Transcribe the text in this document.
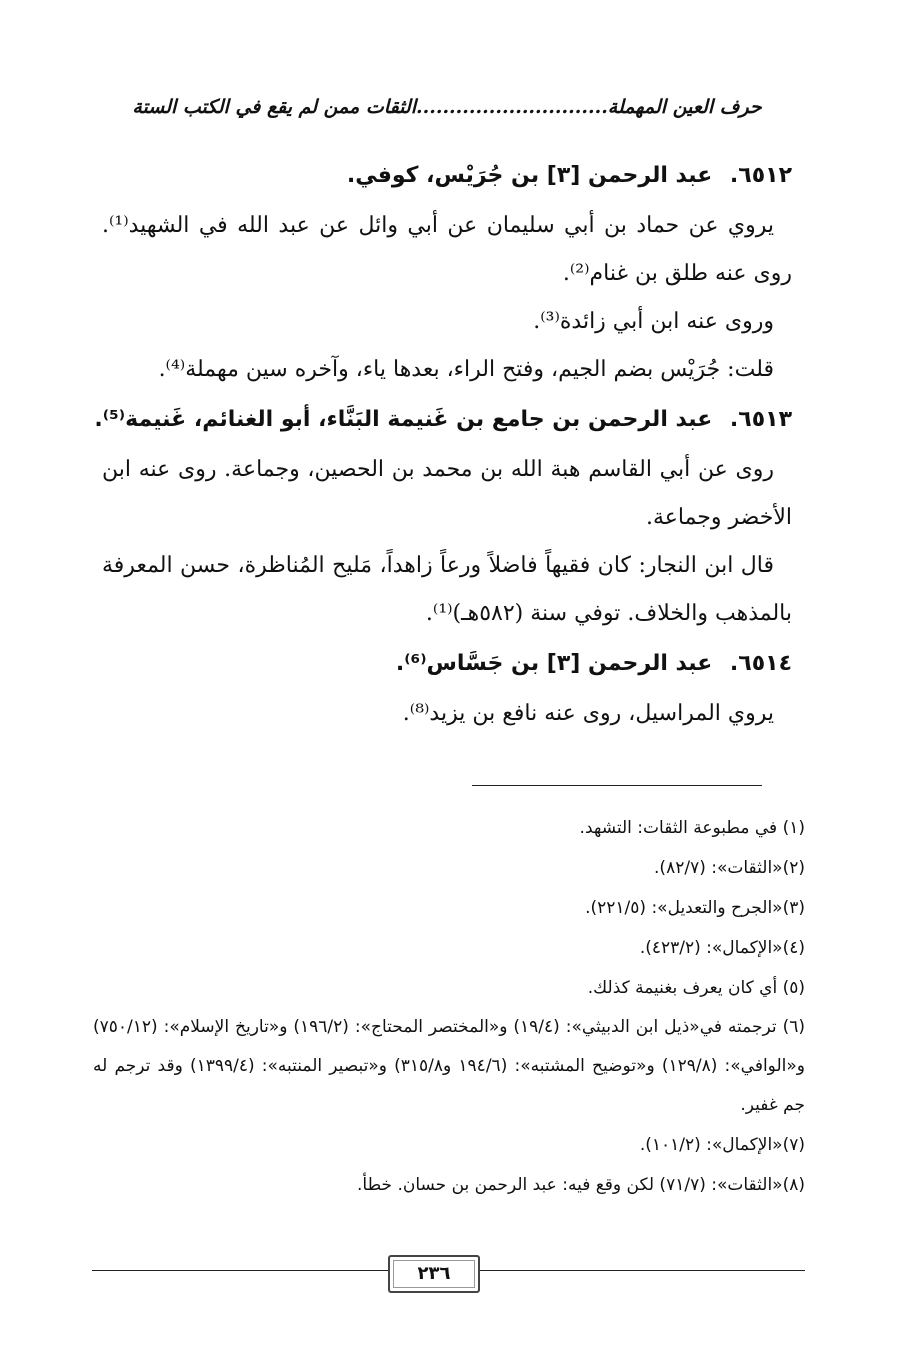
حرف العين المهملة.............................الثقات ممن لم يقع في الكتب الستة
٦٥١٢. عبد الرحمن [٣] بن جُرَيْس، كوفي.

يروي عن حماد بن أبي سليمان عن أبي وائل عن عبد الله في الشهيد⁽¹⁾. روى عنه طلق بن غنام⁽²⁾.

وروى عنه ابن أبي زائدة⁽³⁾.

قلت: جُرَيْس بضم الجيم، وفتح الراء، بعدها ياء، وآخره سين مهملة⁽⁴⁾.

٦٥١٣. عبد الرحمن بن جامع بن غَنيمة البَنَّاء، أبو الغنائم، غَنيمة⁽⁵⁾.

روى عن أبي القاسم هبة الله بن محمد بن الحصين، وجماعة. روى عنه ابن الأخضر وجماعة.

قال ابن النجار: كان فقيهاً فاضلاً ورعاً زاهداً، مَليح المُناظرة، حسن المعرفة بالمذهب والخلاف. توفي سنة (٥٨٢هـ)⁽¹⁾.

٦٥١٤. عبد الرحمن [٣] بن جَسَّاس⁽⁶⁾.

يروي المراسيل، روى عنه نافع بن يزيد⁽⁸⁾.

(١) في مطبوعة الثقات: التشهد.

(٢)«الثقات»: (٨٢/٧).

(٣)«الجرح والتعديل»: (٢٢١/٥).

(٤)«الإكمال»: (٤٢٣/٢).

(٥) أي كان يعرف بغنيمة كذلك.

(٦) ترجمته في«ذيل ابن الدبيثي»: (١٩/٤) و«المختصر المحتاج»: (١٩٦/٢) و«تاريخ الإسلام»: (٧٥٠/١٢) و«الوافي»: (١٢٩/٨) و«توضيح المشتبه»: (١٩٤/٦ و٣١٥/٨) و«تبصير المنتبه»: (١٣٩٩/٤) وقد ترجم له جم غفير.

(٧)«الإكمال»: (١٠١/٢).

(٨)«الثقات»: (٧١/٧) لكن وقع فيه: عبد الرحمن بن حسان. خطأ.

٢٣٦
